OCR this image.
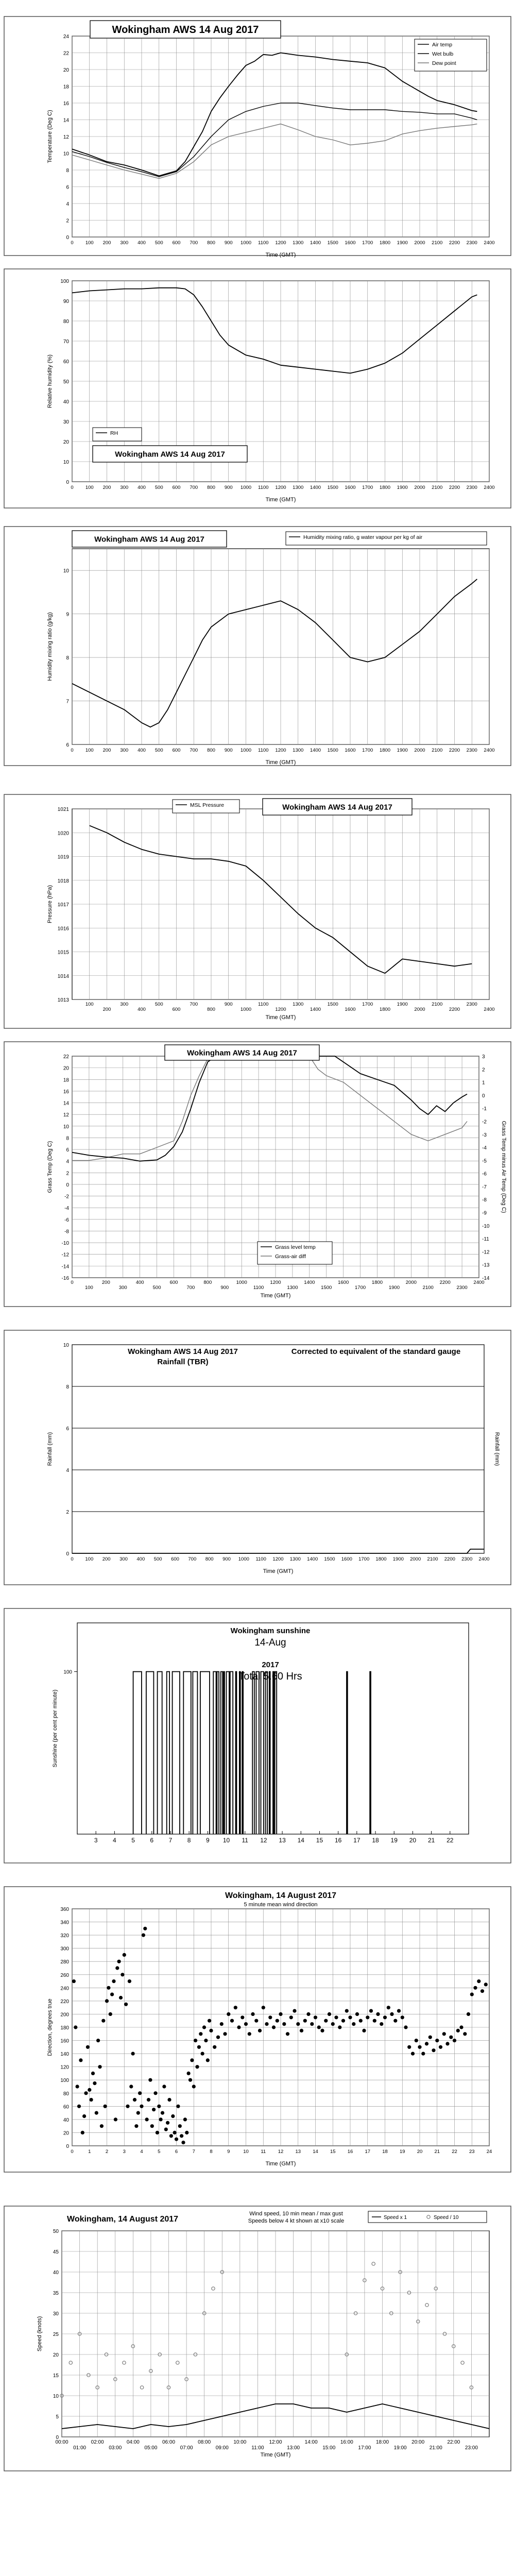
0
2
4
6
8
10
12
14
16
18
20
22
24
0 100 200 300 400 500 600 700 800 900 1000 1100 1200 1300 1400 1500 1600 1700 1800 1900 2000 2100 2200 2300 2400
Time (GMT)
Temperature (Deg C)
Wokingham AWS 14 Aug 2017
Air temp
Wet bulb
Dew point
0
10
20
30
40
50
60
70
80
90
100
0 100 200 300 400 500 600 700 800 900 1000 1100 1200 1300 1400 1500 1600 1700 1800 1900 2000 2100 2200 2300 2400
Time (GMT)
Relative humidity (%)
RH
Wokingham AWS 14 Aug 2017
6
7
8
9
10
0 100 200 300 400 500 600 700 800 900 1000 1100 1200 1300 1400 1500 1600 1700 1800 1900 2000 2100 2200 2300 2400
Time (GMT)
Humidity mixing ratio (g/kg)
Wokingham AWS 14 Aug 2017	Humidity mixing ratio, g water vapour per kg of air
1013
1014
1015
1016
1017
1018
1019
1020
1021
100
200
300
400
500
600
700
800
900
1000
1100
1200
1300
1400
1500
1600
1700
1800
1900
2000
2100
2200
2300
2400
Time (GMT)
Pressure (hPa)
MSL Pressure	Wokingham AWS 14 Aug 2017
-16
-14
-12
-10
-8
-6
-4
-2
0
2
4
6
8
10
12
14
16
18
20
22
-14
-13
-12
-11
-10
-9
-8
-7
-6
-5
-4
-3
-2
-1
0
1
2
3
0
100
200
300
400
500
600
700
800
900
1000
1100
1200
1300
1400
1500
1600
1700
1800
1900
2000
2100
2200
2300
2400
Time (GMT)
Grass Temp (Deg C)	Grass Temp minus Air Temp (Deg C)
Wokingham AWS 14 Aug 2017
Grass level temp
Grass-air diff
0
2
4
6
8
10
0 100 200 300 400 500 600 700 800 900 1000 1100 1200 1300 1400 1500 1600 1700 1800 1900 2000 2100 2200 2300 2400
Time (GMT)
Rainfall (mm)	Rainfall (mm)
Wokingham AWS 14 Aug 2017
Rainfall (TBR)
Corrected to equivalent of the standard gauge
100
Sunshine (per cent per minute)
3 4 5 6 7 8 9 10 11 12 13 14 15 16 17 18 19 20 21 22
Wokingham sunshine
14-Aug
2017
Total 5.60 Hrs
0
20
40
60
80
100
120
140
160
180
200
220
240
260
280
300
320
340
360
0	1	2	3	4	5	6	7	8	9	10 11 12 13 14 15 16 17 18 19 20 21 22 23 24
Time (GMT)
Direction, degrees true
Wokingham, 14 August 2017
5 minute mean wind direction
0
5
10
15
20
25
30
35
40
45
50
00:00
01:00
02:00
03:00
04:00
05:00
06:00
07:00
08:00
09:00
10:00
11:00
12:00
13:00
14:00
15:00
16:00
17:00
18:00
19:00
20:00
21:00
22:00
23:00
Time (GMT)
Speed (knots)
Wokingham, 14 August 2017
Wind speed, 10 min mean / max gust
Speeds below 4 kt shown at x10 scale
Speed x 1	Speed / 10
